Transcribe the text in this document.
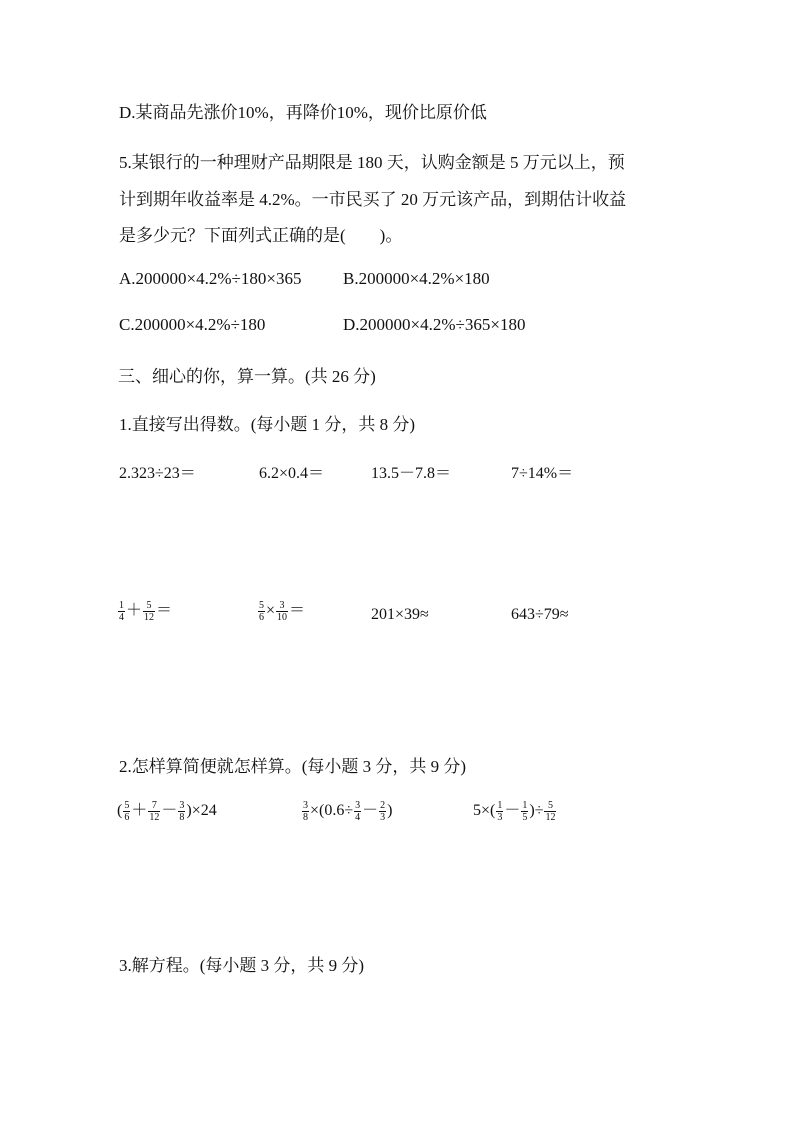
D.某商品先涨价10%，再降价10%，现价比原价低
5.某银行的一种理财产品期限是 180 天，认购金额是 5 万元以上，预
计到期年收益率是 4.2%。一市民买了 20 万元该产品，到期估计收益
是多少元？下面列式正确的是(　　)。
A.200000×4.2%÷180×365 B.200000×4.2%×180
C.200000×4.2%÷180	D.200000×4.2%÷365×180
三、细心的你，算一算。(共 26 分)
1.直接写出得数。(每小题 1 分，共 8 分)
2.323÷23＝	6.2×0.4＝	13.5－7.8＝	7÷14%＝
$\frac{1}{4} + \frac{5}{12}$ ＝	$\frac{5}{6} \times \frac{3}{10}$ ＝	201×39≈	643÷79≈
2.怎样算简便就怎样算。(每小题 3 分，共 9 分)
( $\frac{5}{6} + \frac{7}{12} - \frac{3}{8} )\times 24$	$\frac{3}{8} \times(0.6\div \frac{3}{4} - \frac{2}{3}$ )	$5\times( \frac{1}{3} - \frac{1}{5}$ )÷ $\frac{5}{12}$
3.解方程。(每小题 3 分，共 9 分)
